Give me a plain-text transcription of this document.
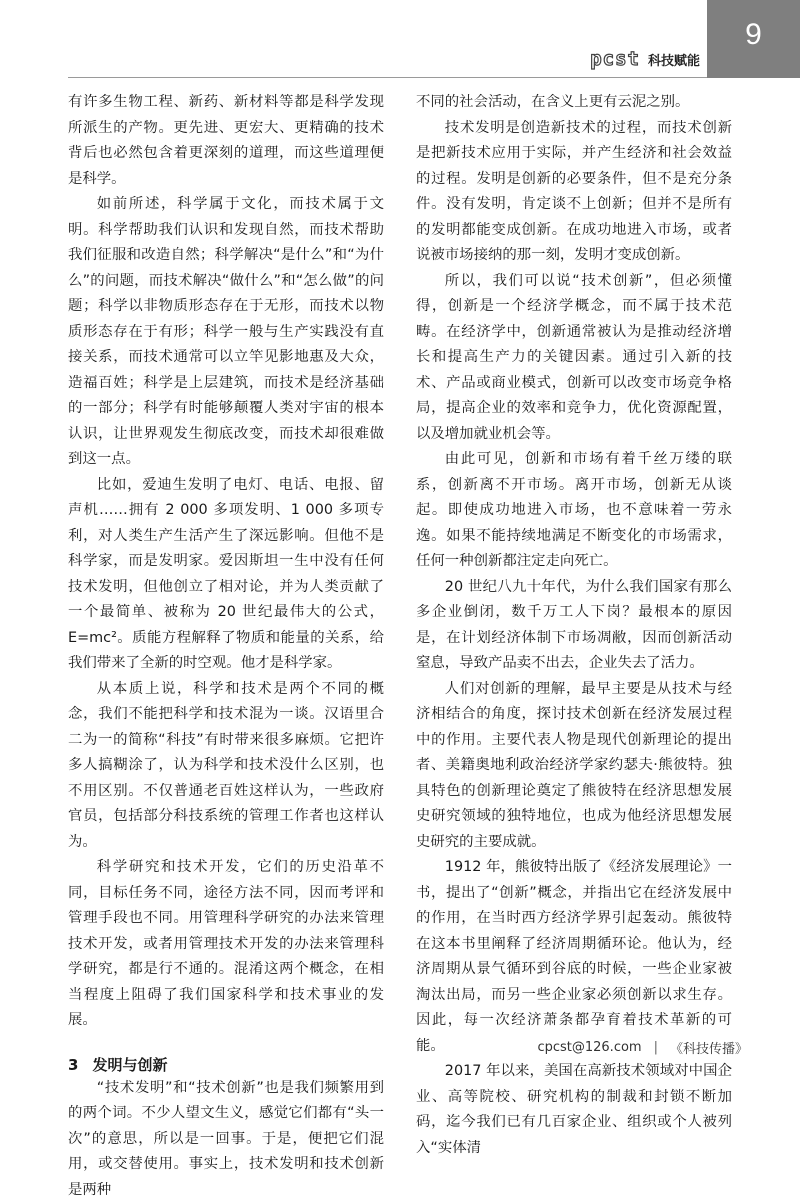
9
pcst 科技赋能

有许多生物工程、新药、新材料等都是科学发现所派生的产物。更先进、更宏大、更精确的技术背后也必然包含着更深刻的道理，而这些道理便是科学。

如前所述，科学属于文化，而技术属于文明。科学帮助我们认识和发现自然，而技术帮助我们征服和改造自然；科学解决“是什么”和“为什么”的问题，而技术解决“做什么”和“怎么做”的问题；科学以非物质形态存在于无形，而技术以物质形态存在于有形；科学一般与生产实践没有直接关系，而技术通常可以立竿见影地惠及大众，造福百姓；科学是上层建筑，而技术是经济基础的一部分；科学有时能够颠覆人类对宇宙的根本认识，让世界观发生彻底改变，而技术却很难做到这一点。

比如，爱迪生发明了电灯、电话、电报、留声机……拥有 2 000 多项发明、1 000 多项专利，对人类生产生活产生了深远影响。但他不是科学家，而是发明家。爱因斯坦一生中没有任何技术发明，但他创立了相对论，并为人类贡献了一个最简单、被称为 20 世纪最伟大的公式，E=mc²。质能方程解释了物质和能量的关系，给我们带来了全新的时空观。他才是科学家。

从本质上说，科学和技术是两个不同的概念，我们不能把科学和技术混为一谈。汉语里合二为一的简称“科技”有时带来很多麻烦。它把许多人搞糊涂了，认为科学和技术没什么区别，也不用区别。不仅普通老百姓这样认为，一些政府官员，包括部分科技系统的管理工作者也这样认为。

科学研究和技术开发，它们的历史沿革不同，目标任务不同，途径方法不同，因而考评和管理手段也不同。用管理科学研究的办法来管理技术开发，或者用管理技术开发的办法来管理科学研究，都是行不通的。混淆这两个概念，在相当程度上阻碍了我们国家科学和技术事业的发展。

3 发明与创新

“技术发明”和“技术创新”也是我们频繁用到的两个词。不少人望文生义，感觉它们都有“头一次”的意思，所以是一回事。于是，便把它们混用，或交替使用。事实上，技术发明和技术创新是两种

不同的社会活动，在含义上更有云泥之别。

技术发明是创造新技术的过程，而技术创新是把新技术应用于实际，并产生经济和社会效益的过程。发明是创新的必要条件，但不是充分条件。没有发明，肯定谈不上创新；但并不是所有的发明都能变成创新。在成功地进入市场，或者说被市场接纳的那一刻，发明才变成创新。

所以，我们可以说“技术创新”，但必须懂得，创新是一个经济学概念，而不属于技术范畴。在经济学中，创新通常被认为是推动经济增长和提高生产力的关键因素。通过引入新的技术、产品或商业模式，创新可以改变市场竞争格局，提高企业的效率和竞争力，优化资源配置，以及增加就业机会等。

由此可见，创新和市场有着千丝万缕的联系，创新离不开市场。离开市场，创新无从谈起。即使成功地进入市场，也不意味着一劳永逸。如果不能持续地满足不断变化的市场需求，任何一种创新都注定走向死亡。

20 世纪八九十年代，为什么我们国家有那么多企业倒闭，数千万工人下岗？最根本的原因是，在计划经济体制下市场凋敝，因而创新活动窒息，导致产品卖不出去，企业失去了活力。

人们对创新的理解，最早主要是从技术与经济相结合的角度，探讨技术创新在经济发展过程中的作用。主要代表人物是现代创新理论的提出者、美籍奥地利政治经济学家约瑟夫·熊彼特。独具特色的创新理论奠定了熊彼特在经济思想发展史研究领域的独特地位，也成为他经济思想发展史研究的主要成就。

1912 年，熊彼特出版了《经济发展理论》一书，提出了“创新”概念，并指出它在经济发展中的作用，在当时西方经济学界引起轰动。熊彼特在这本书里阐释了经济周期循环论。他认为，经济周期从景气循环到谷底的时候，一些企业家被淘汰出局，而另一些企业家必须创新以求生存。因此，每一次经济萧条都孕育着技术革新的可能。

2017 年以来，美国在高新技术领域对中国企业、高等院校、研究机构的制裁和封锁不断加码，迄今我们已有几百家企业、组织或个人被列入“实体清

cpcst@126.com | 《科技传播》
